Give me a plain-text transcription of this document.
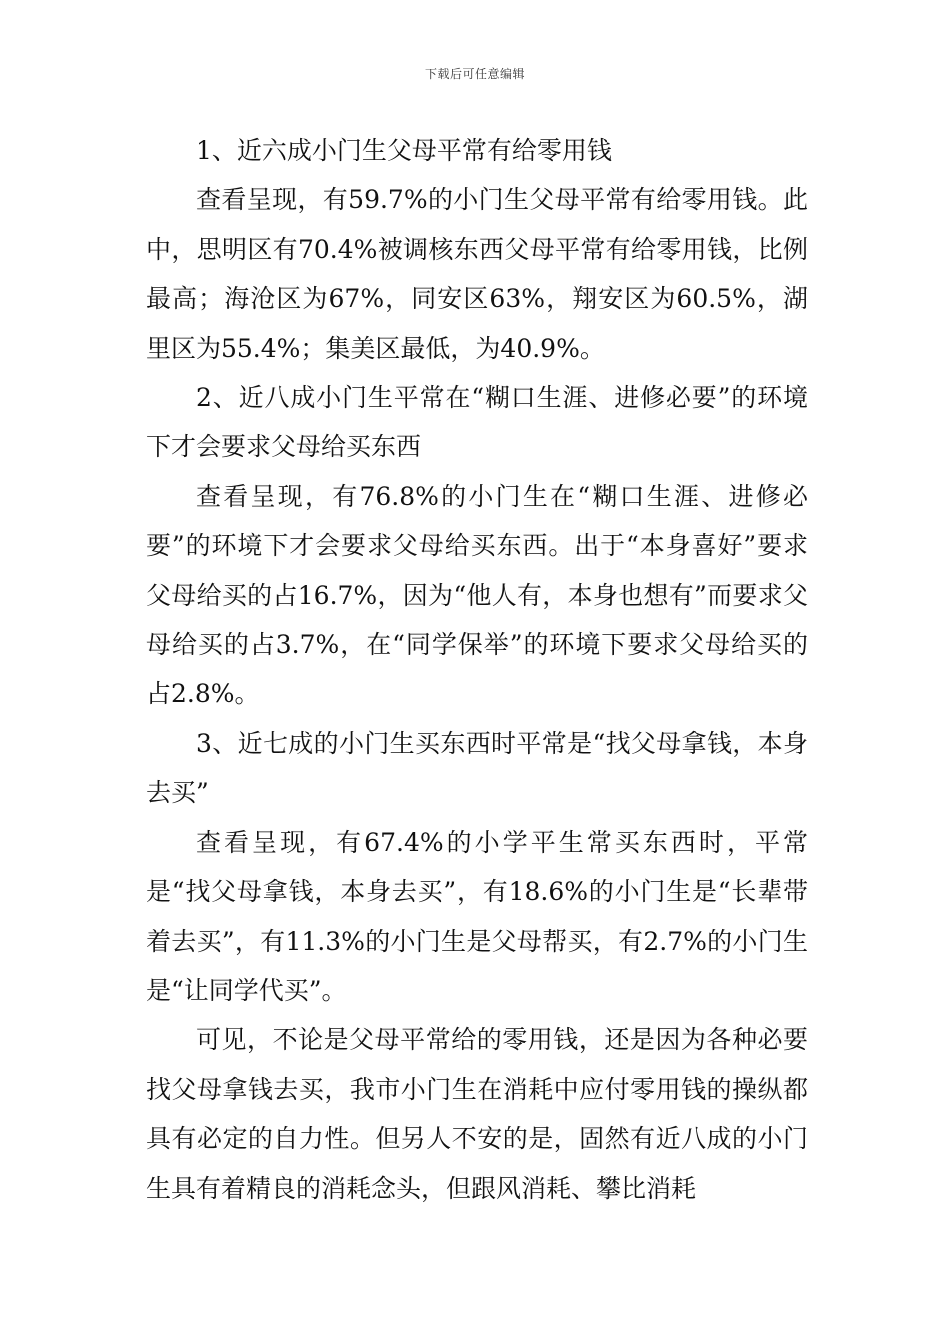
下载后可任意编辑

1、近六成小门生父母平常有给零用钱

查看呈现，有59.7%的小门生父母平常有给零用钱。此中，思明区有70.4%被调核东西父母平常有给零用钱，比例最高；海沧区为67%，同安区63%，翔安区为60.5%，湖里区为55.4%；集美区最低，为40.9%。

2、近八成小门生平常在“糊口生涯、进修必要”的环境下才会要求父母给买东西

查看呈现，有76.8%的小门生在“糊口生涯、进修必要”的环境下才会要求父母给买东西。出于“本身喜好”要求父母给买的占16.7%，因为“他人有，本身也想有”而要求父母给买的占3.7%，在“同学保举”的环境下要求父母给买的占2.8%。

3、近七成的小门生买东西时平常是“找父母拿钱，本身去买”

查看呈现，有67.4%的小学平生常买东西时，平常是“找父母拿钱，本身去买”，有18.6%的小门生是“长辈带着去买”，有11.3%的小门生是父母帮买，有2.7%的小门生是“让同学代买”。

可见，不论是父母平常给的零用钱，还是因为各种必要找父母拿钱去买，我市小门生在消耗中应付零用钱的操纵都具有必定的自力性。但另人不安的是，固然有近八成的小门生具有着精良的消耗念头，但跟风消耗、攀比消耗
